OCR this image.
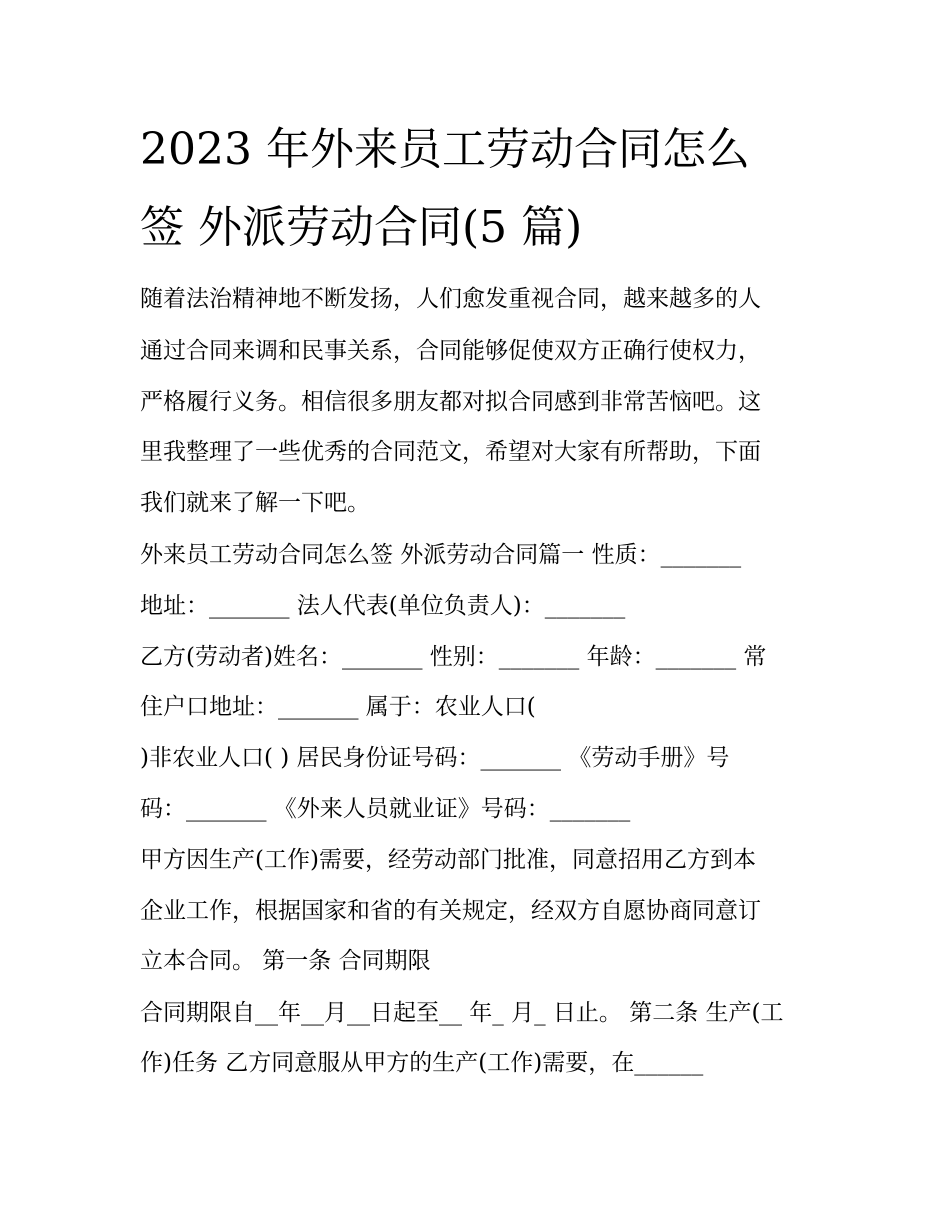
2023 年外来员工劳动合同怎么
签 外派劳动合同(5 篇)
随着法治精神地不断发扬，人们愈发重视合同，越来越多的人
通过合同来调和民事关系，合同能够促使双方正确行使权力，
严格履行义务。相信很多朋友都对拟合同感到非常苦恼吧。这
里我整理了一些优秀的合同范文，希望对大家有所帮助，下面
我们就来了解一下吧。
外来员工劳动合同怎么签 外派劳动合同篇一 性质：_______
地址：_______ 法人代表(单位负责人)：_______
乙方(劳动者)姓名：_______ 性别：_______ 年龄：_______ 常
住户口地址：_______ 属于：农业人口(
)非农业人口( ) 居民身份证号码：_______ 《劳动手册》号
码：_______ 《外来人员就业证》号码：_______
甲方因生产(工作)需要，经劳动部门批准，同意招用乙方到本
企业工作，根据国家和省的有关规定，经双方自愿协商同意订
立本合同。 第一条 合同期限
合同期限自__年__月__日起至__ 年_ 月_ 日止。 第二条 生产(工
作)任务 乙方同意服从甲方的生产(工作)需要，在______
